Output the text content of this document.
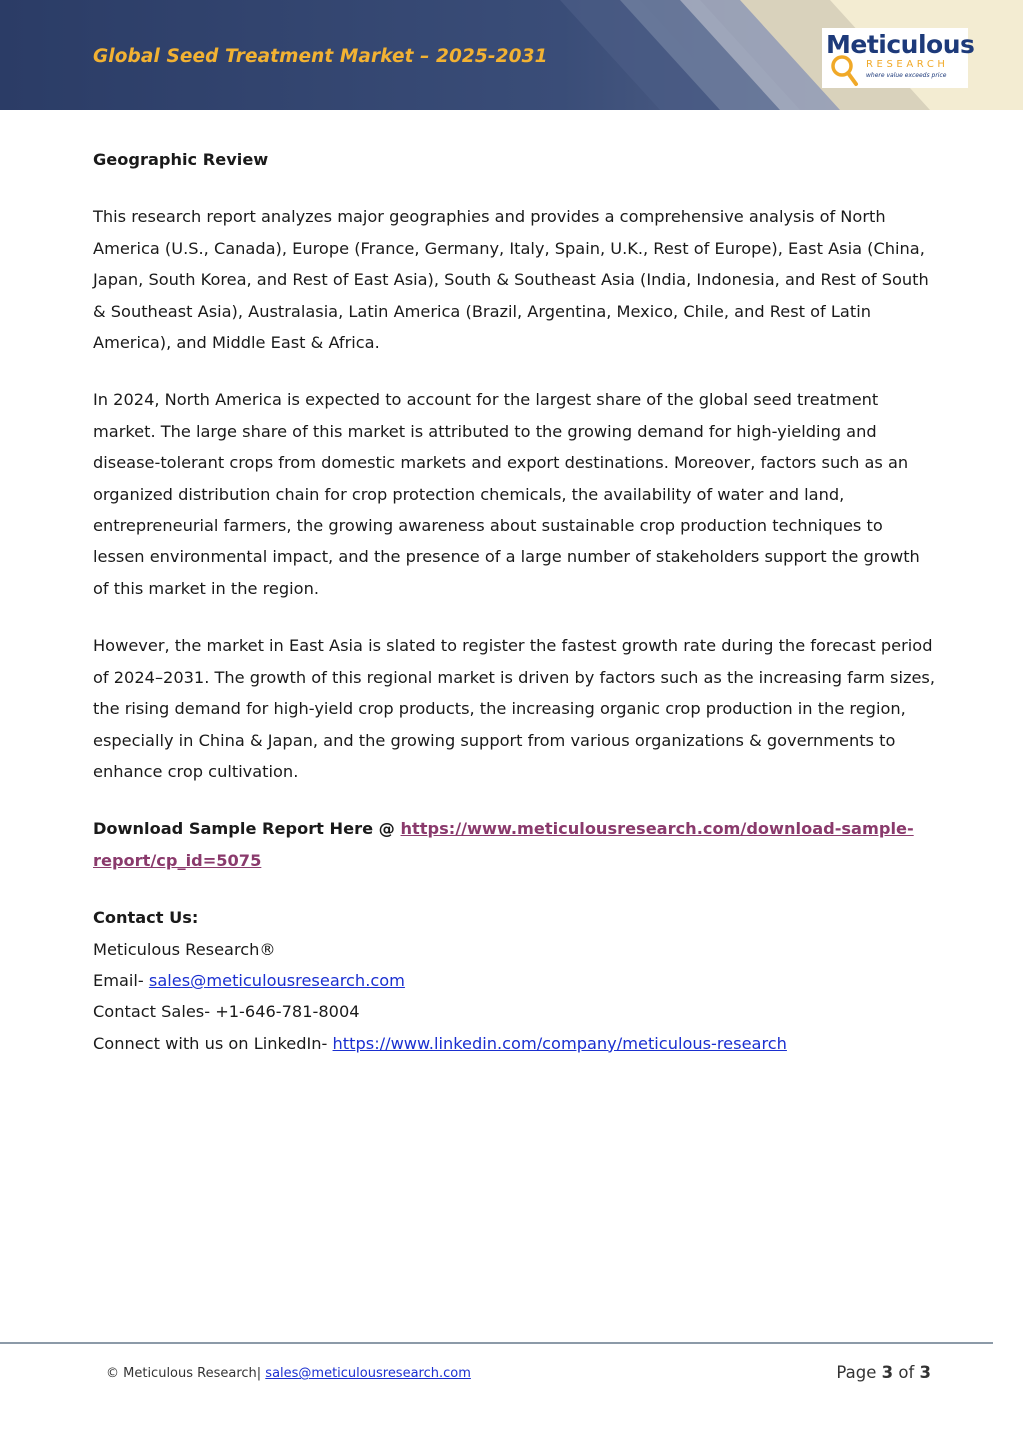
Global Seed Treatment Market – 2025-2031	Meticulous
RESEARCH
where value exceeds price
Geographic Review

This research report analyzes major geographies and provides a comprehensive analysis of North America (U.S., Canada), Europe (France, Germany, Italy, Spain, U.K., Rest of Europe), East Asia (China, Japan, South Korea, and Rest of East Asia), South & Southeast Asia (India, Indonesia, and Rest of South & Southeast Asia), Australasia, Latin America (Brazil, Argentina, Mexico, Chile, and Rest of Latin America), and Middle East & Africa.

In 2024, North America is expected to account for the largest share of the global seed treatment market. The large share of this market is attributed to the growing demand for high-yielding and disease-tolerant crops from domestic markets and export destinations. Moreover, factors such as an organized distribution chain for crop protection chemicals, the availability of water and land, entrepreneurial farmers, the growing awareness about sustainable crop production techniques to lessen environmental impact, and the presence of a large number of stakeholders support the growth of this market in the region.

However, the market in East Asia is slated to register the fastest growth rate during the forecast period of 2024–2031. The growth of this regional market is driven by factors such as the increasing farm sizes, the rising demand for high-yield crop products, the increasing organic crop production in the region, especially in China & Japan, and the growing support from various organizations & governments to enhance crop cultivation.

Download Sample Report Here @ https://www.meticulousresearch.com/download-sample-report/cp_id=5075

Contact Us:

Meticulous Research®

Email- sales@meticulousresearch.com

Contact Sales- +1-646-781-8004

Connect with us on LinkedIn- https://www.linkedin.com/company/meticulous-research

© Meticulous Research| sales@meticulousresearch.com	Page 3 of 3
